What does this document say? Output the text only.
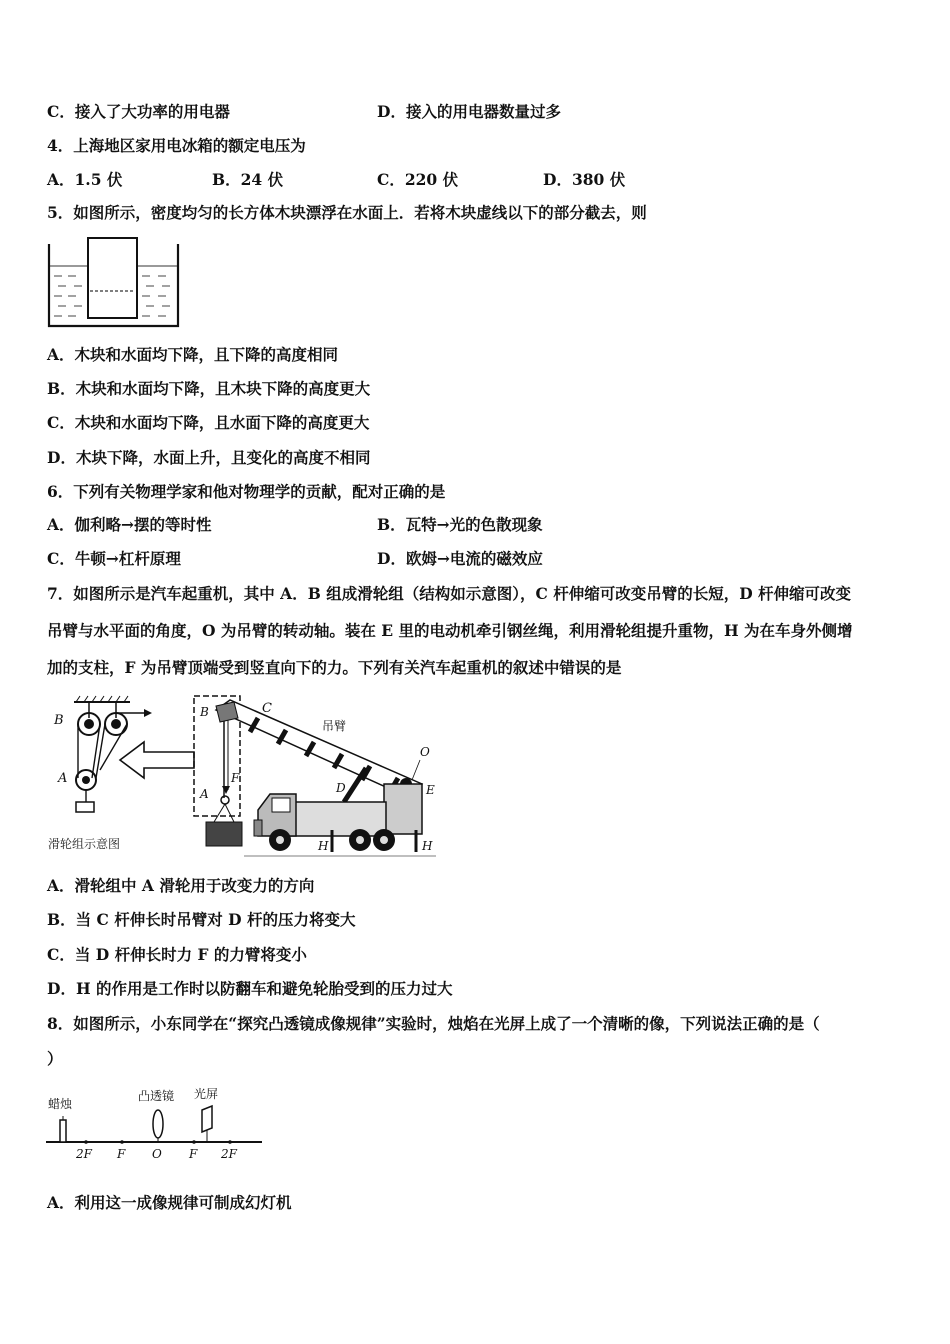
C．接入了大功率的用电器	D．接入的用电器数量过多
4．上海地区家用电冰箱的额定电压为
A．1.5 伏	B．24 伏	C．220 伏	D．380 伏
5．如图所示，密度均匀的长方体木块漂浮在水面上．若将木块虚线以下的部分截去，则
A．木块和水面均下降，且下降的高度相同
B．木块和水面均下降，且木块下降的高度更大
C．木块和水面均下降，且水面下降的高度更大
D．木块下降，水面上升，且变化的高度不相同
6．下列有关物理学家和他对物理学的贡献，配对正确的是
A．伽利略→摆的等时性	B．瓦特→光的色散现象
C．牛顿→杠杆原理	D．欧姆→电流的磁效应
7．如图所示是汽车起重机，其中 A．B 组成滑轮组（结构如示意图），C 杆伸缩可改变吊臂的长短，D 杆伸缩可改变
吊臂与水平面的角度，O 为吊臂的转动轴。装在 E 里的电动机牵引钢丝绳，利用滑轮组提升重物，H 为在车身外侧增
加的支柱，F 为吊臂顶端受到竖直向下的力。下列有关汽车起重机的叙述中错误的是
B
A
滑轮组示意图
B
A
F
C
吊臂
O
E
D
H	H
A．滑轮组中 A 滑轮用于改变力的方向
B．当 C 杆伸长时吊臂对 D 杆的压力将变大
C．当 D 杆伸长时力 F 的力臂将变小
D．H 的作用是工作时以防翻车和避免轮胎受到的压力过大
8．如图所示，小东同学在“探究凸透镜成像规律”实验时，烛焰在光屏上成了一个清晰的像，下列说法正确的是（
）
蜡烛
凸透镜 光屏
2F F O F 2F
A．利用这一成像规律可制成幻灯机
